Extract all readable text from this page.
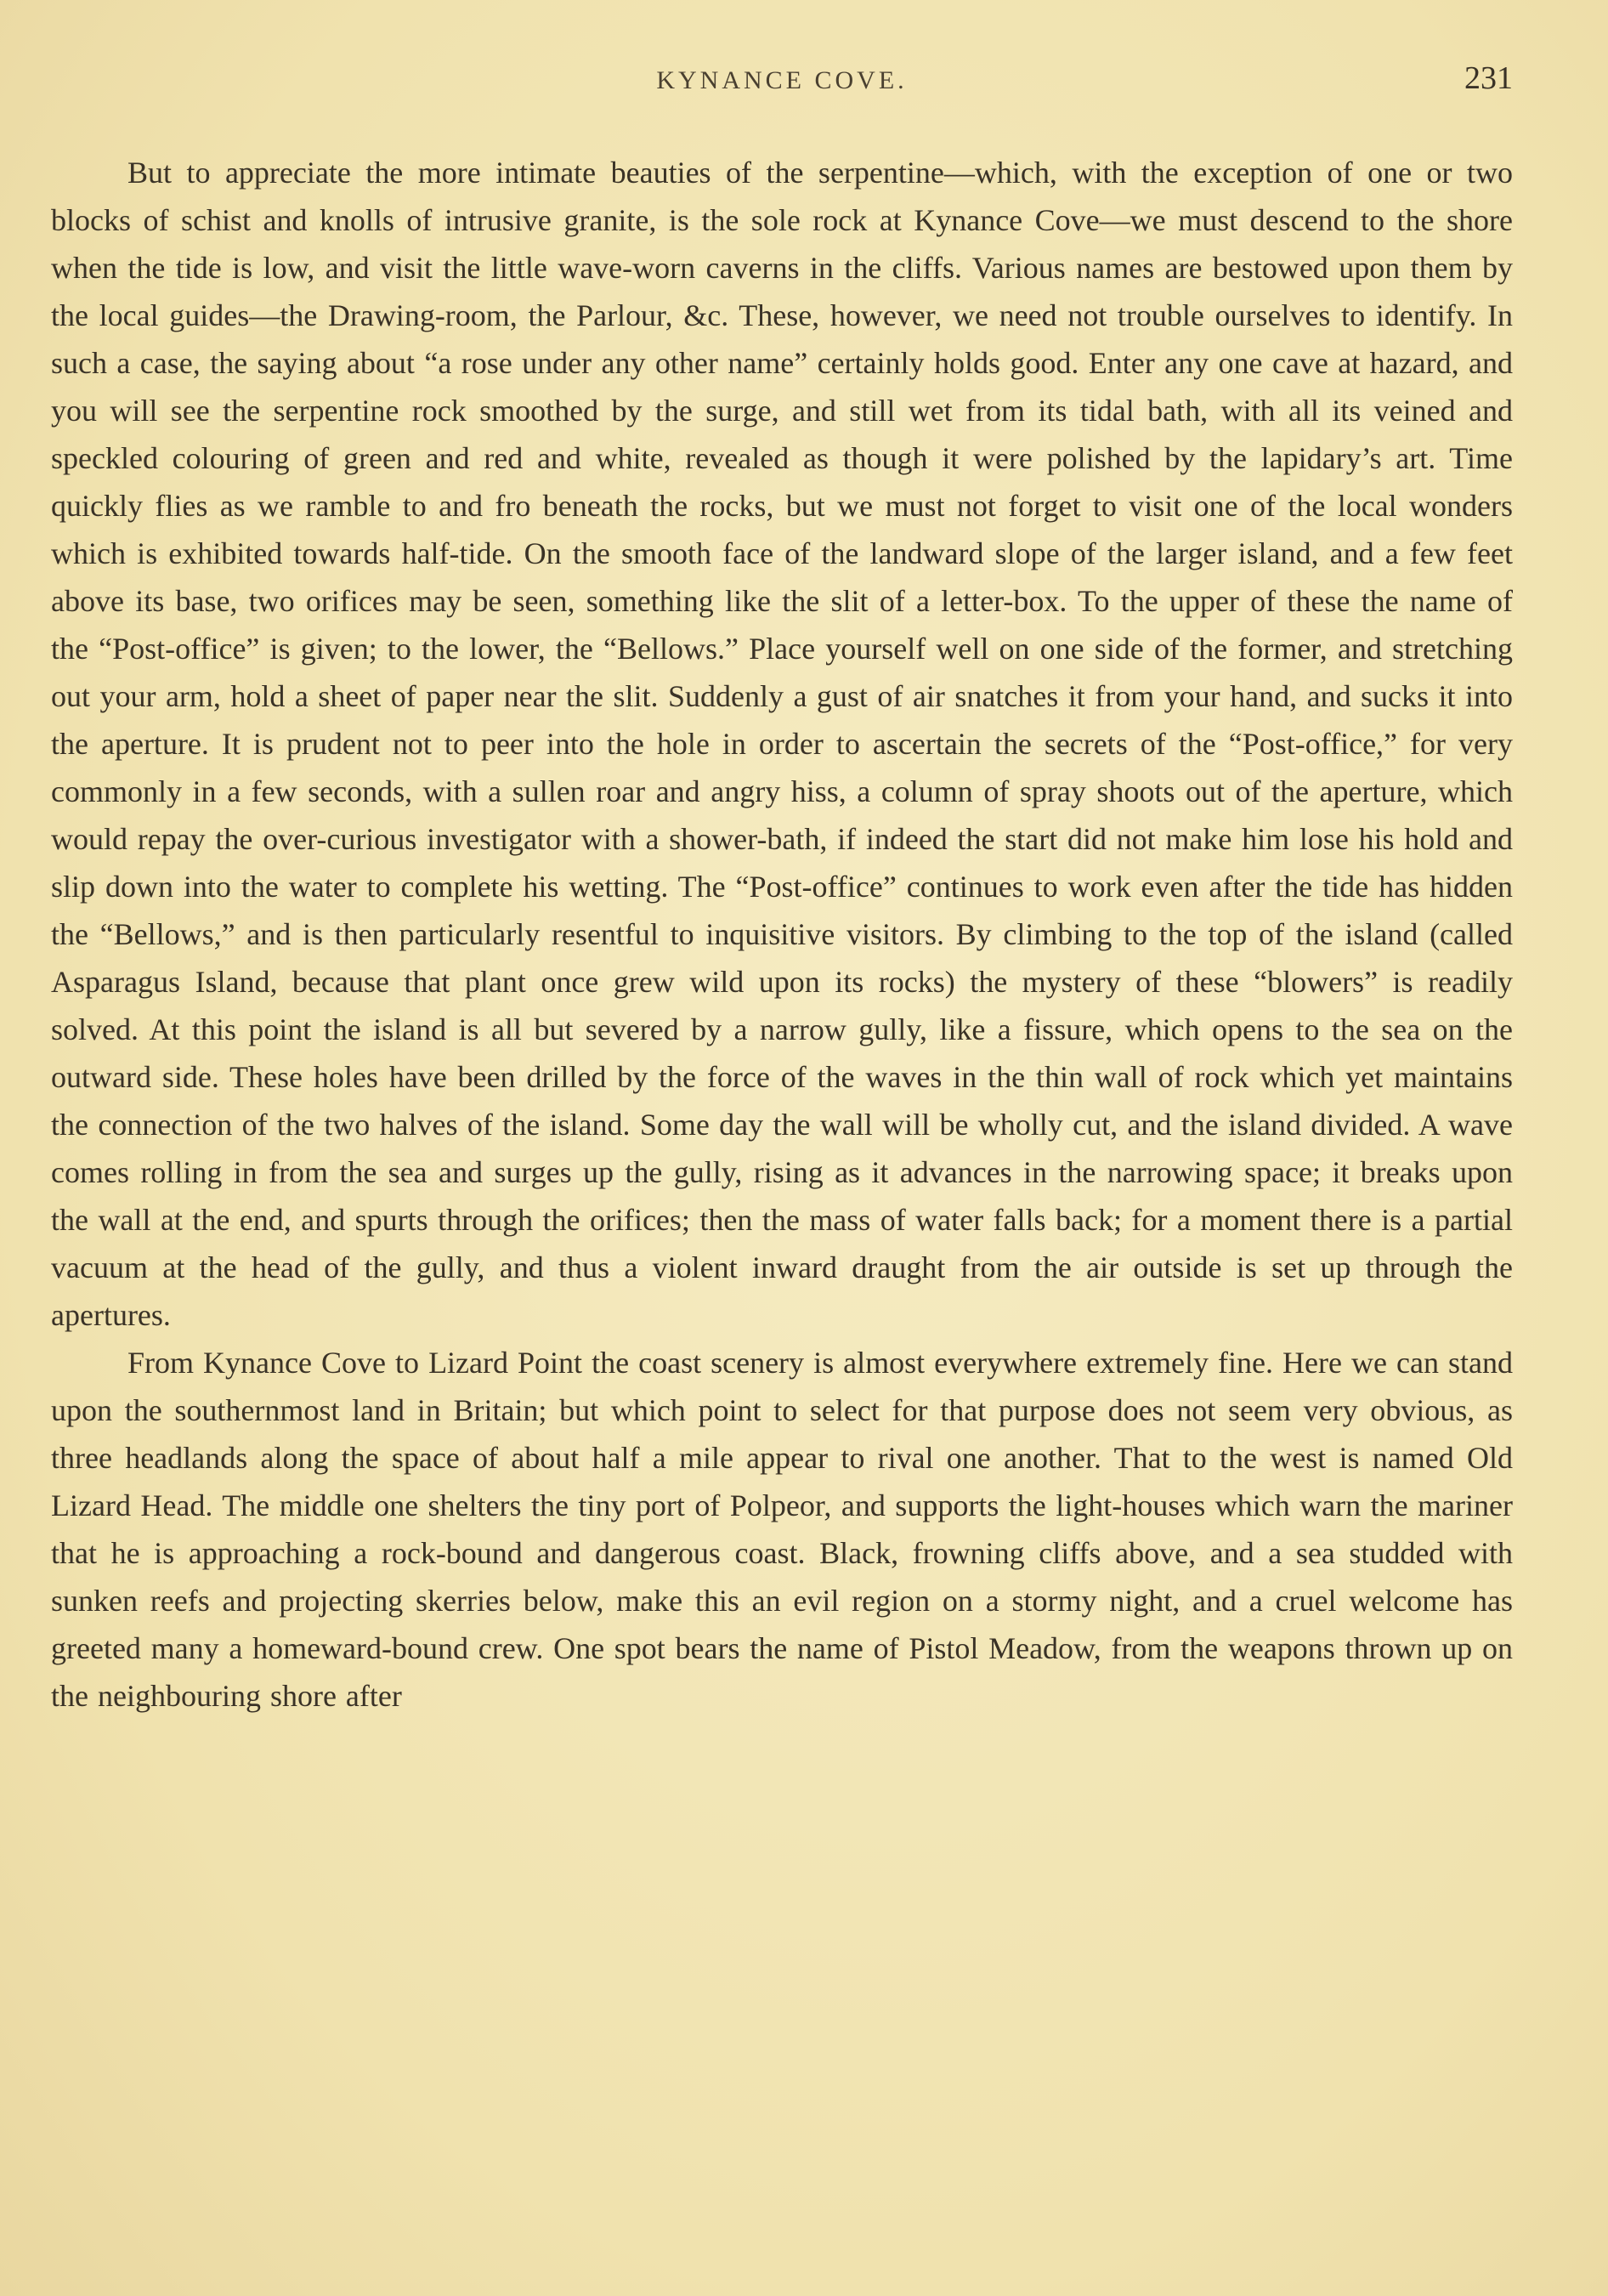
KYNANCE COVE.	231

But to appreciate the more intimate beauties of the serpentine—which, with the exception of one or two blocks of schist and knolls of intrusive granite, is the sole rock at Kynance Cove—we must descend to the shore when the tide is low, and visit the little wave-worn caverns in the cliffs. Various names are bestowed upon them by the local guides—the Drawing-room, the Parlour, &c. These, however, we need not trouble ourselves to identify. In such a case, the saying about “a rose under any other name” certainly holds good. Enter any one cave at hazard, and you will see the serpentine rock smoothed by the surge, and still wet from its tidal bath, with all its veined and speckled colouring of green and red and white, revealed as though it were polished by the lapidary’s art. Time quickly flies as we ramble to and fro beneath the rocks, but we must not forget to visit one of the local wonders which is exhibited towards half-tide. On the smooth face of the landward slope of the larger island, and a few feet above its base, two orifices may be seen, something like the slit of a letter-box. To the upper of these the name of the “Post-office” is given; to the lower, the “Bellows.” Place yourself well on one side of the former, and stretching out your arm, hold a sheet of paper near the slit. Suddenly a gust of air snatches it from your hand, and sucks it into the aperture. It is prudent not to peer into the hole in order to ascertain the secrets of the “Post-office,” for very commonly in a few seconds, with a sullen roar and angry hiss, a column of spray shoots out of the aperture, which would repay the over-curious investigator with a shower-bath, if indeed the start did not make him lose his hold and slip down into the water to complete his wetting. The “Post-office” continues to work even after the tide has hidden the “Bellows,” and is then particularly resentful to inquisitive visitors. By climbing to the top of the island (called Asparagus Island, because that plant once grew wild upon its rocks) the mystery of these “blowers” is readily solved. At this point the island is all but severed by a narrow gully, like a fissure, which opens to the sea on the outward side. These holes have been drilled by the force of the waves in the thin wall of rock which yet maintains the connection of the two halves of the island. Some day the wall will be wholly cut, and the island divided. A wave comes rolling in from the sea and surges up the gully, rising as it advances in the narrowing space; it breaks upon the wall at the end, and spurts through the orifices; then the mass of water falls back; for a moment there is a partial vacuum at the head of the gully, and thus a violent inward draught from the air outside is set up through the apertures.

From Kynance Cove to Lizard Point the coast scenery is almost everywhere extremely fine. Here we can stand upon the southernmost land in Britain; but which point to select for that purpose does not seem very obvious, as three headlands along the space of about half a mile appear to rival one another. That to the west is named Old Lizard Head. The middle one shelters the tiny port of Polpeor, and supports the light-houses which warn the mariner that he is approaching a rock-bound and dangerous coast. Black, frowning cliffs above, and a sea studded with sunken reefs and projecting skerries below, make this an evil region on a stormy night, and a cruel welcome has greeted many a homeward-bound crew. One spot bears the name of Pistol Meadow, from the weapons thrown up on the neighbouring shore after
